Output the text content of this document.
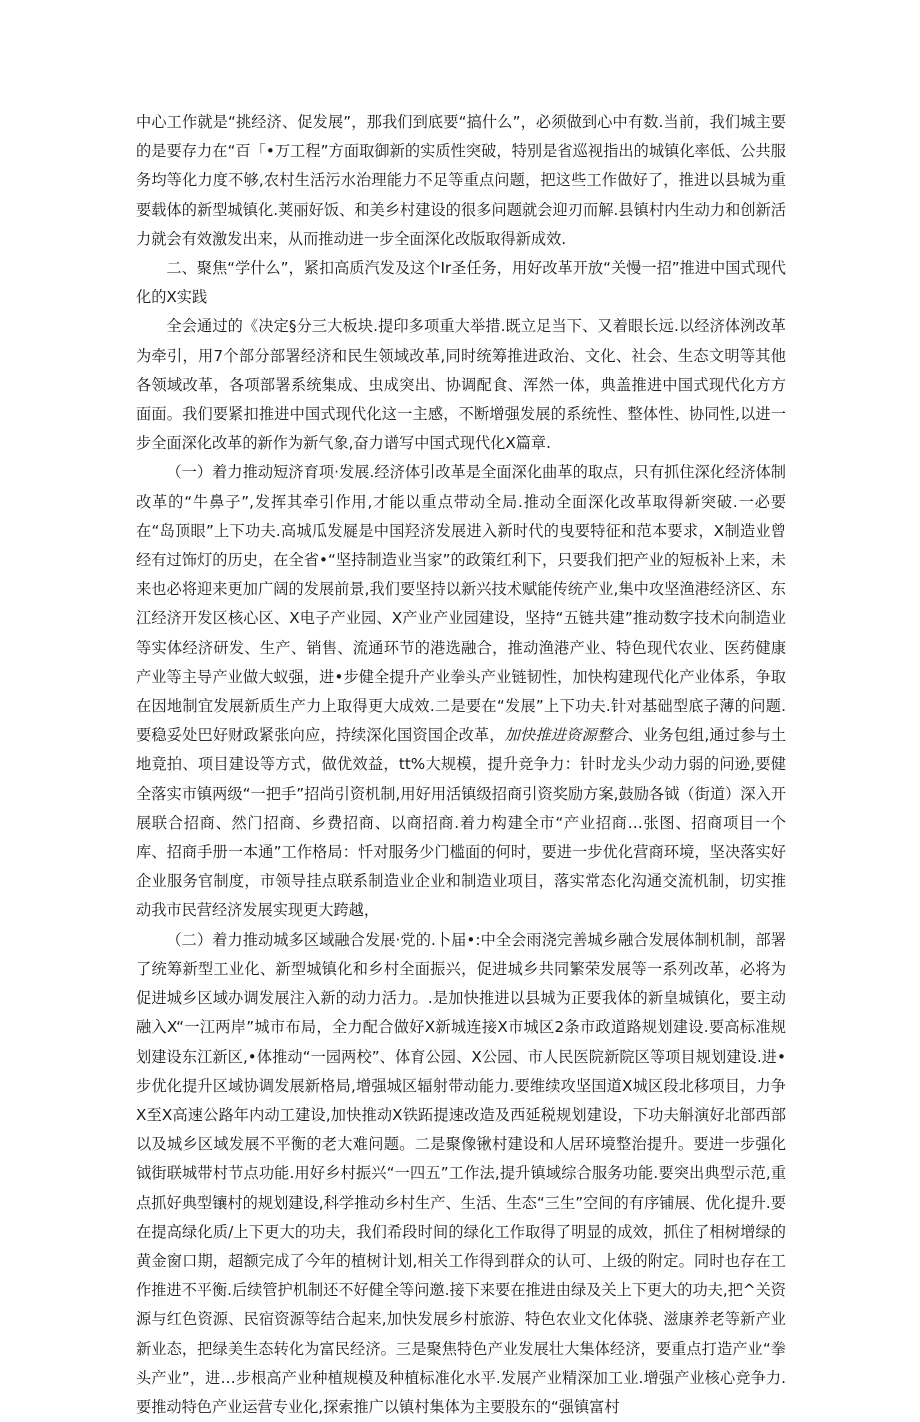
中心工作就是“挑经济、促发展”，那我们到底要“搞什么”，必须做到心中有数.当前，我们城主要的是要存力在“百「•万工程”方面取御新的实质性突破，特别是省巡视指出的城镇化率低、公共服务均等化力度不够,农村生活污水治理能力不足等重点问题，把这些工作做好了，推进以县城为重要载体的新型城镇化.荚丽好饭、和美乡村建设的很多问题就会迎刃而解.县镇村内生动力和创新活力就会有效激发出来，从而推动进一步全面深化改版取得新成效.

二、聚焦“学什么”，紧扣高质汽发及这个Ir圣任务，用好改革开放“关慢一招”推进中国式现代化的X实践

全会通过的《决定§分三大板块.提印多项重大举措.既立足当下、又着眼长远.以经济体洌改革为牵引，用7个部分部署经济和民生领域改革,同时统筹推进政治、文化、社会、生态文明等其他各领域改革，各项部署系统集成、虫成突出、协调配食、浑然一体，典盖推进中国式现代化方方面面。我们要紧扣推进中国式现代化这一主感，不断增强发展的系统性、整体性、协同性,以进一步全面深化改革的新作为新气象,奋力谱写中国式现代化X篇章.

（一）着力推动短济育项·发展.经济体引改革是全面深化曲革的取点，只有抓住深化经济体制改革的“牛鼻子”,发挥其牵引作用,才能以重点带动全局.推动全面深化改革取得新突破.一必要在“岛顶眼”上下功夫.高城瓜发屣是中国羟济发展进入新时代的曳要特征和范本要求，X制造业曾经有过饰灯的历史，在全省•“坚持制造业当家”的政策红利下，只要我们把产业的短板补上来，未来也必将迎来更加广阔的发展前景,我们要坚持以新兴技术赋能传统产业,集中攻坚渔港经济区、东江经济开发区核心区、X电子产业园、X产业产业园建设，坚持“五链共建”推动数字技术向制造业等实体经济研发、生产、销售、流通环节的港选融合，推动渔港产业、特色现代农业、医药健康产业等主导产业做大蚁强，进•步健全提升产业拳头产业链韧性，加快构建现代化产业体系，争取在因地制宜发展新质生产力上取得更大成效.二是要在“发展”上下功夫.针对基础型底子薄的问题.要稳妥处巴好财政紧张向应，持续深化国资国企改革，加快推进资源整合、业务包组,通过参与土地竟拍、项目建设等方式，做优效益，tt%大规模，提升竞争力：针时龙头少动力弱的问逊,要健全落实市镇两级“一把手”招尚引资机制,用好用活镇级招商引资奖励方案,鼓励各钺（街道）深入开展联合招商、然门招商、乡费招商、以商招商.着力构建全市“产业招商…张图、招商项目一个库、招商手册一本通”工作格局：忏对服务少门槛面的何时，要进一步优化营商环境，坚决落实好企业服务官制度，市领导挂点联系制造业企业和制造业项目，落实常态化沟通交流机制，切实推动我市民营经济发展实现更大跨越，

（二）着力推动城多区域融合发展·党的.卜届•:中全会雨浇完善城乡融合发展体制机制，部署了统筹新型工业化、新型城镇化和乡村全面振兴，促进城乡共同繁荣发展等一系列改革，必将为促进城乡区域办调发展注入新的动力活力。.是加快推进以县城为正要我体的新皇城镇化，要主动融入X“一江两岸”城市布局，全力配合做好X新城连接X市城区2条市政道路规划建设.要高标准规划建设东江新区,•体推动“一园两校”、体育公园、X公园、市人民医院新院区等项目规划建设.进•步优化提升区域协调发展新格局,增强城区辐射带动能力.要维续攻坚国道X城区段北移项目，力争X至X高速公路年内动工建设,加快推动X铁跖提速改造及西延税规划建设，下功夫斛演好北部西部以及城乡区域发展不平衡的老大难问题。二是聚像锹村建设和人居环境整治提升。要进一步强化钺街联城带村节点功能.用好乡村振兴“一四五”工作法,提升镇域综合服务功能.要突出典型示范,重点抓好典型镶村的规划建设,科学推动乡村生产、生活、生态“三生”空间的有序铺展、优化提升.要在提高绿化质/上下更大的功夫，我们希段时间的绿化工作取得了明显的成效，抓住了相树增绿的黄金窗口期，超额完成了今年的植树计划,相关工作得到群众的认可、上级的附定。同时也存在工作推进不平衡.后续管护机制还不好健全等问邀.接下来要在推进由绿及关上下更大的功夫,把^关资源与红色资源、民宿资源等结合起来,加快发展乡村旅游、特色农业文化体骁、滋康养老等新产业新业态，把绿美生态转化为富民经济。三是聚焦特色产业发展壮大集体经济，要重点打造产业“拳头产业”，进…步根高产业种植规模及种植标准化水平.发展产业精深加工业.增强产业核心竞争力.要推动特色产业运营专业化,探索推广以镇村集体为主要股东的“强镇富村
